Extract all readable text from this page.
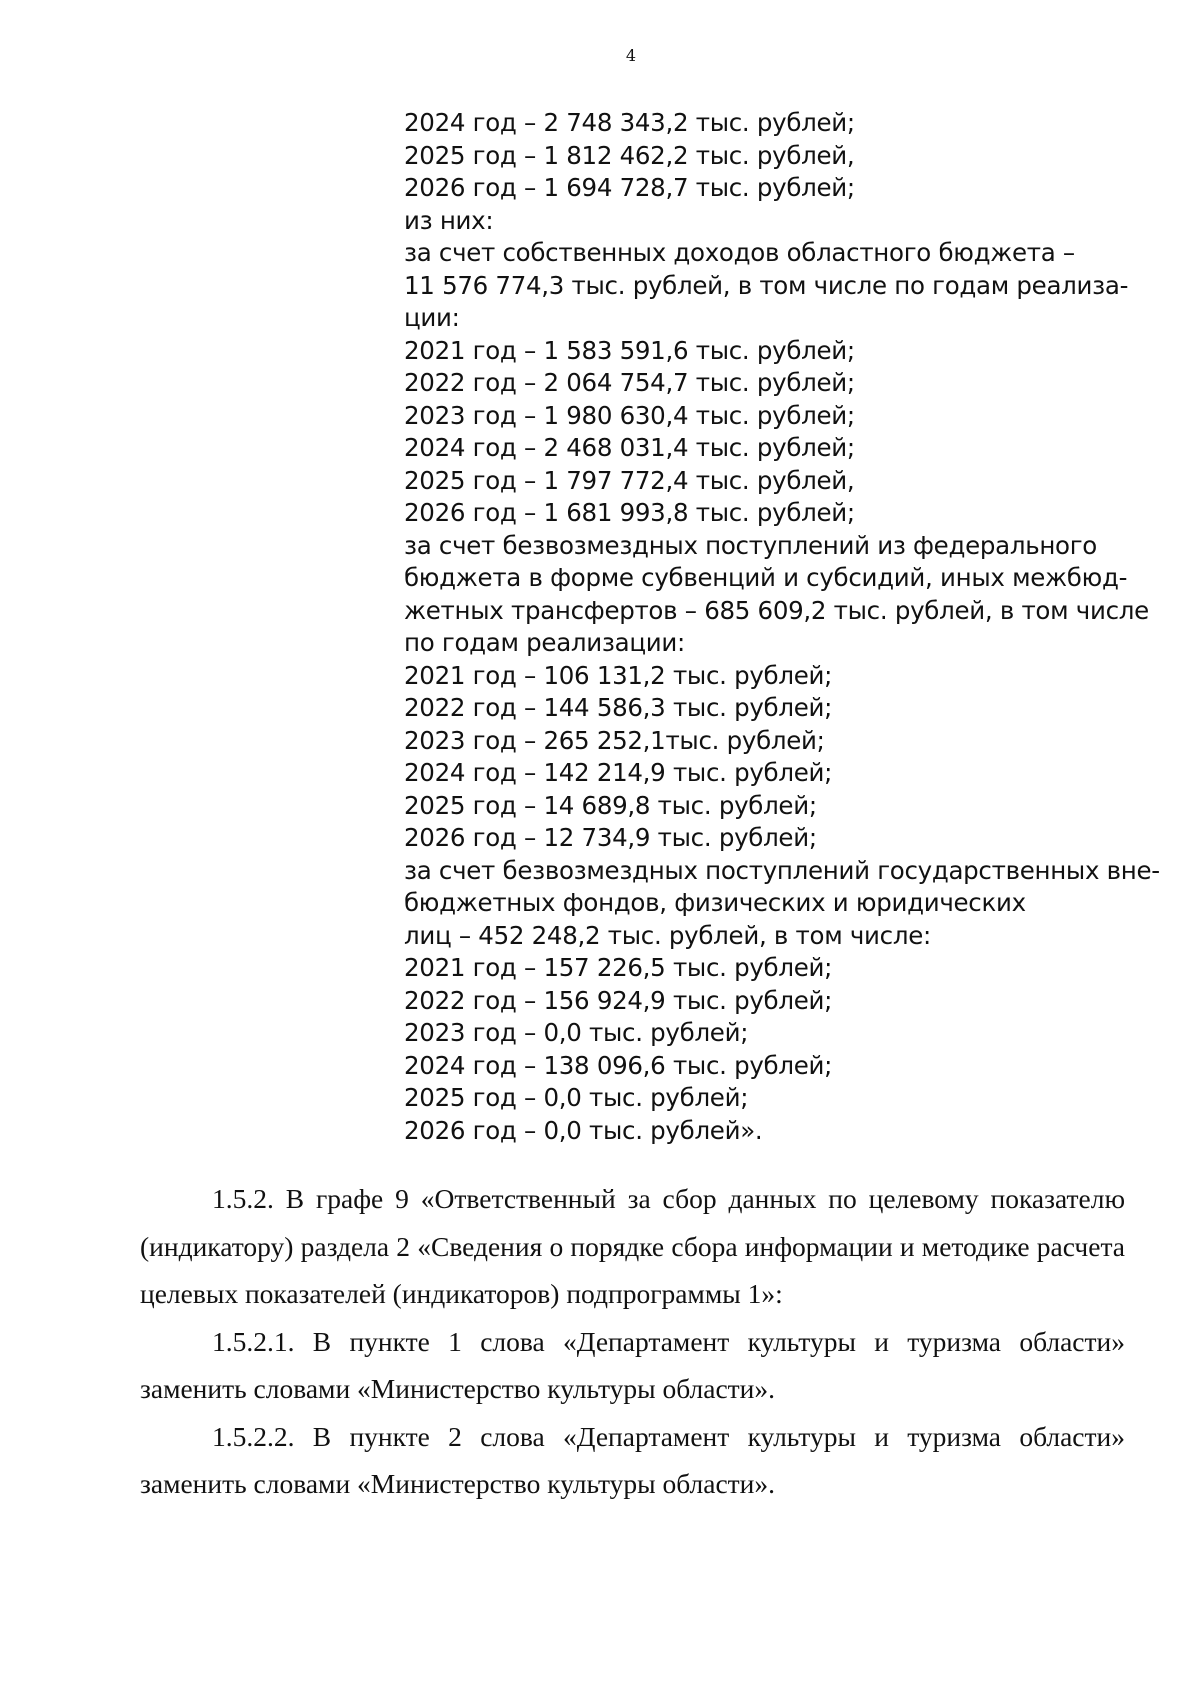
4
2024 год – 2 748 343,2 тыс. рублей;
2025 год – 1 812 462,2 тыс. рублей,
2026 год – 1 694 728,7 тыс. рублей;
из них:
за счет собственных доходов областного бюджета –
11 576 774,3 тыс. рублей, в том числе по годам реализа-
ции:
2021 год – 1 583 591,6 тыс. рублей;
2022 год – 2 064 754,7 тыс. рублей;
2023 год – 1 980 630,4 тыс. рублей;
2024 год – 2 468 031,4 тыс. рублей;
2025 год – 1 797 772,4 тыс. рублей,
2026 год – 1 681 993,8 тыс. рублей;
за счет безвозмездных поступлений из федерального
бюджета в форме субвенций и субсидий, иных межбюд-
жетных трансфертов – 685 609,2 тыс. рублей, в том числе
по годам реализации:
2021 год – 106 131,2 тыс. рублей;
2022 год – 144 586,3 тыс. рублей;
2023 год – 265 252,1тыс. рублей;
2024 год – 142 214,9 тыс. рублей;
2025 год – 14 689,8 тыс. рублей;
2026 год – 12 734,9 тыс. рублей;
за счет безвозмездных поступлений государственных вне-
бюджетных фондов, физических и юридических
лиц – 452 248,2 тыс. рублей, в том числе:
2021 год – 157 226,5 тыс. рублей;
2022 год – 156 924,9 тыс. рублей;
2023 год – 0,0 тыс. рублей;
2024 год – 138 096,6 тыс. рублей;
2025 год – 0,0 тыс. рублей;
2026 год – 0,0 тыс. рублей».

1.5.2. В графе 9 «Ответственный за сбор данных по целевому показателю (индикатору) раздела 2 «Сведения о порядке сбора информации и методике расчета целевых показателей (индикаторов) подпрограммы 1»:

1.5.2.1. В пункте 1 слова «Департамент культуры и туризма области» заменить словами «Министерство культуры области».

1.5.2.2. В пункте 2 слова «Департамент культуры и туризма области» заменить словами «Министерство культуры области».
